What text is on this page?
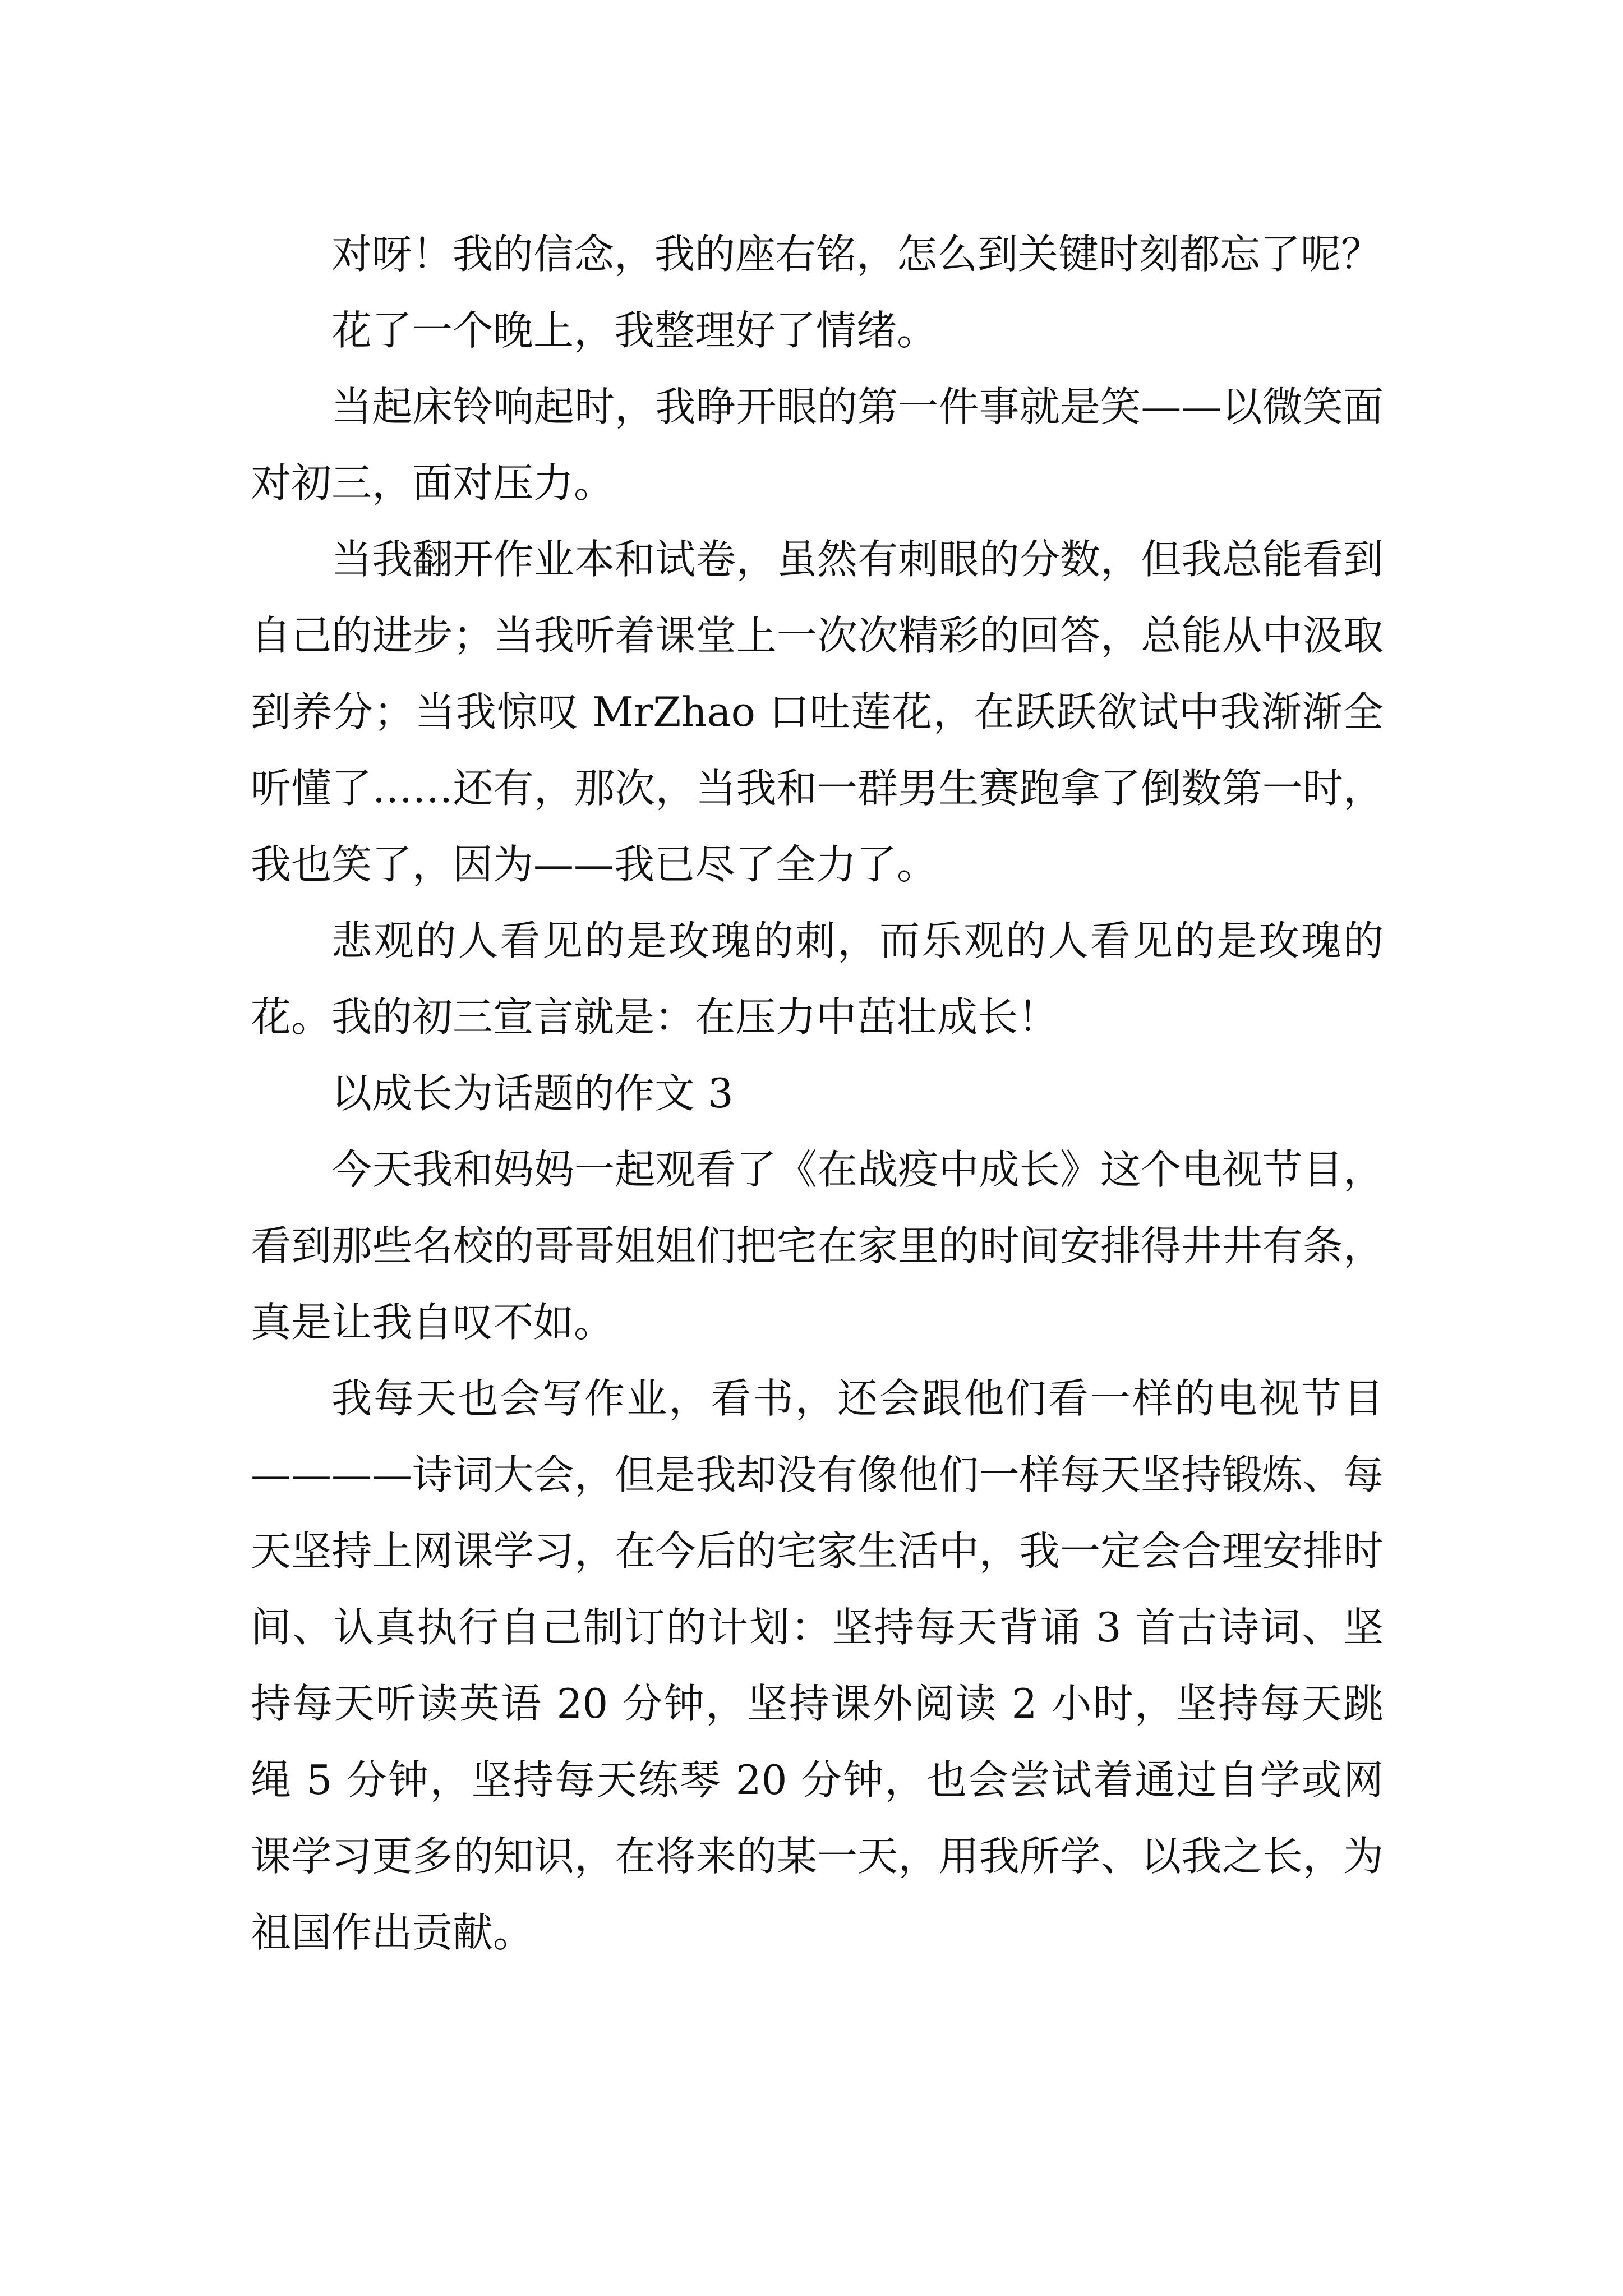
对呀！我的信念，我的座右铭，怎么到关键时刻都忘了呢？

花了一个晚上，我整理好了情绪。

当起床铃响起时，我睁开眼的第一件事就是笑——以微笑面对初三，面对压力。

当我翻开作业本和试卷，虽然有刺眼的分数，但我总能看到自己的进步；当我听着课堂上一次次精彩的回答，总能从中汲取到养分；当我惊叹 MrZhao 口吐莲花，在跃跃欲试中我渐渐全听懂了……还有，那次，当我和一群男生赛跑拿了倒数第一时，我也笑了，因为——我已尽了全力了。

悲观的人看见的是玫瑰的刺，而乐观的人看见的是玫瑰的花。我的初三宣言就是：在压力中茁壮成长！

以成长为话题的作文 3

今天我和妈妈一起观看了《在战疫中成长》这个电视节目，看到那些名校的哥哥姐姐们把宅在家里的时间安排得井井有条，真是让我自叹不如。

我每天也会写作业，看书，还会跟他们看一样的电视节目————诗词大会，但是我却没有像他们一样每天坚持锻炼、每天坚持上网课学习，在今后的宅家生活中，我一定会合理安排时间、认真执行自己制订的计划：坚持每天背诵 3 首古诗词、坚持每天听读英语 20 分钟，坚持课外阅读 2 小时，坚持每天跳绳 5 分钟，坚持每天练琴 20 分钟，也会尝试着通过自学或网课学习更多的知识，在将来的某一天，用我所学、以我之长，为祖国作出贡献。
